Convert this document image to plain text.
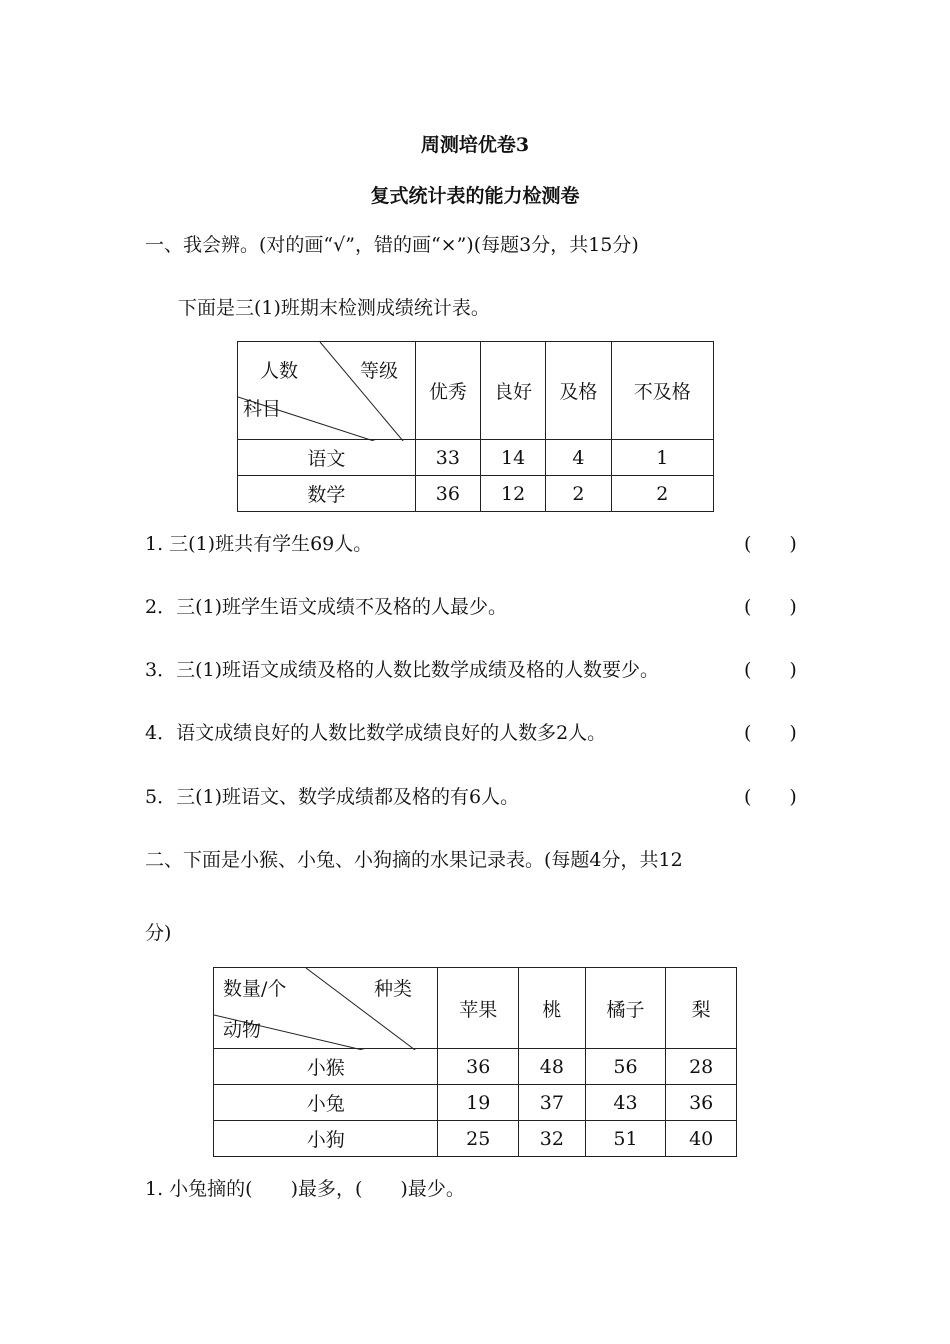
周测培优卷3
复式统计表的能力检测卷
一、我会辨。(对的画“√”，错的画“×”)(每题3分，共15分)
下面是三(1)班期末检测成绩统计表。
人数 等级
科目	优秀	良好	及格	不及格
语文	33	14	4	1
数学	36	12	2	2
1. 三(1)班共有学生69人。	(　　)
2．三(1)班学生语文成绩不及格的人最少。	(　　)
3．三(1)班语文成绩及格的人数比数学成绩及格的人数要少。	(　　)
4．语文成绩良好的人数比数学成绩良好的人数多2人。	(　　)
5．三(1)班语文、数学成绩都及格的有6人。	(　　)
二、下面是小猴、小兔、小狗摘的水果记录表。(每题4分，共12
分)
数量/个 种类
动物	苹果	桃	橘子	梨
小猴	36	48	56	28
小兔	19	37	43	36
小狗	25	32	51	40
1. 小兔摘的(　　)最多，(　　)最少。
